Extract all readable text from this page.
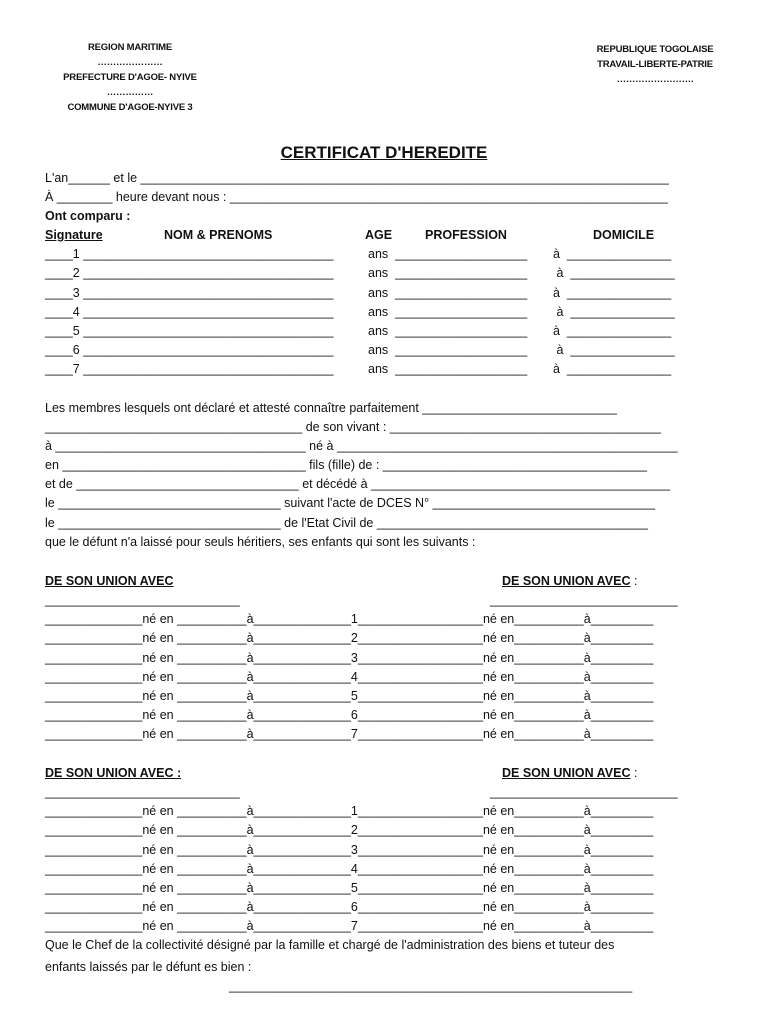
REGION MARITIME
…………………
PREFECTURE D'AGOE- NYIVE
……………
COMMUNE D'AGOE-NYIVE 3
REPUBLIQUE TOGOLAISE
TRAVAIL-LIBERTE-PATRIE
…………………….
CERTIFICAT D'HEREDITE
L'an______ et le ____________________________________________________________________________
À ________ heure devant nous : _______________________________________________________________
Ont comparu :
Signature	NOM & PRENOMS	AGE	PROFESSION	DOMICILE
____1 ____________________________________	ans  ___________________ à  _______________
____2 ____________________________________	ans  ___________________ à  _______________
____3 ____________________________________	ans  ___________________ à  _______________
____4 ____________________________________	ans  ___________________ à  _______________
____5 ____________________________________	ans  ___________________ à  _______________
____6 ____________________________________	ans  ___________________ à  _______________
____7 ____________________________________	ans  ___________________ à  _______________
Les membres lesquels ont déclaré et attesté connaître parfaitement ____________________________
_____________________________________ de son vivant : _______________________________________
à ____________________________________ né à _________________________________________________
en ___________________________________ fils (fille) de : ______________________________________
et de ________________________________ et décédé à ___________________________________________
le ________________________________ suivant l'acte de DCES N° ________________________________
le ________________________________ de l'Etat Civil de _______________________________________
que le défunt n'a laissé pour seuls héritiers, ses enfants qui sont les suivants :
DE SON UNION AVEC	DE SON UNION AVEC :
____________________________	___________________________
______________né en __________à______________1__________________né en__________à_________
______________né en __________à______________2__________________né en__________à_________
______________né en __________à______________3__________________né en__________à_________
______________né en __________à______________4__________________né en__________à_________
______________né en __________à______________5__________________né en__________à_________
______________né en __________à______________6__________________né en__________à_________
______________né en __________à______________7__________________né en__________à_________
DE SON UNION AVEC :	DE SON UNION AVEC :
____________________________	___________________________
______________né en __________à______________1__________________né en__________à_________
______________né en __________à______________2__________________né en__________à_________
______________né en __________à______________3__________________né en__________à_________
______________né en __________à______________4__________________né en__________à_________
______________né en __________à______________5__________________né en__________à_________
______________né en __________à______________6__________________né en__________à_________
______________né en __________à______________7__________________né en__________à_________
Que le Chef de la collectivité désigné par la famille et chargé de l'administration des biens et tuteur des
enfants laissés par le défunt es bien :
__________________________________________________________
